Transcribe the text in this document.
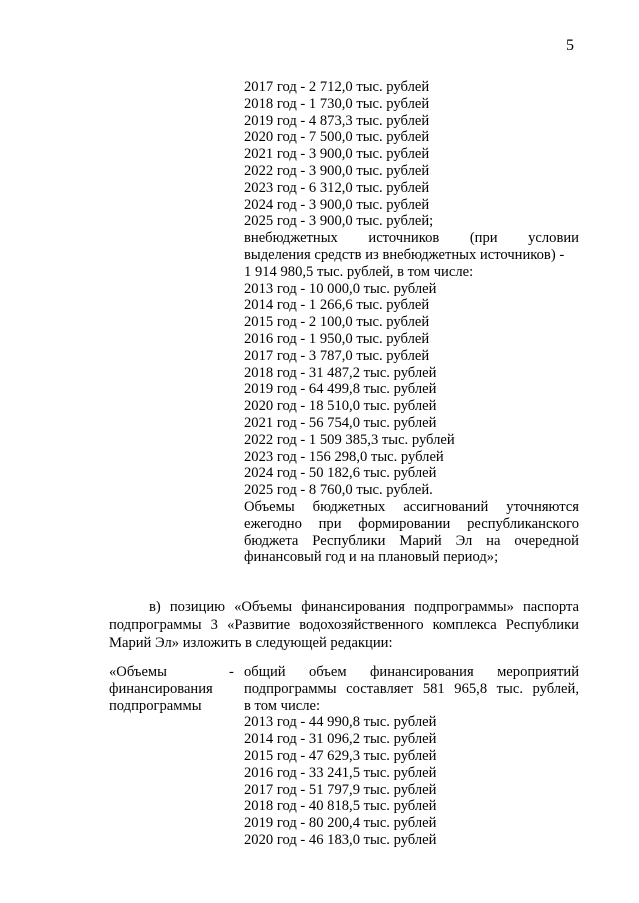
5
2017 год - 2 712,0 тыс. рублей
2018 год - 1 730,0 тыс. рублей
2019 год - 4 873,3 тыс. рублей
2020 год - 7 500,0 тыс. рублей
2021 год - 3 900,0 тыс. рублей
2022 год - 3 900,0 тыс. рублей
2023 год - 6 312,0 тыс. рублей
2024 год - 3 900,0 тыс. рублей
2025 год - 3 900,0 тыс. рублей;
внебюджетных источников (при условии
выделения средств из внебюджетных источников) -
1 914 980,5 тыс. рублей, в том числе:
2013 год - 10 000,0 тыс. рублей
2014 год - 1 266,6 тыс. рублей
2015 год - 2 100,0 тыс. рублей
2016 год - 1 950,0 тыс. рублей
2017 год - 3 787,0 тыс. рублей
2018 год - 31 487,2 тыс. рублей
2019 год - 64 499,8 тыс. рублей
2020 год - 18 510,0 тыс. рублей
2021 год - 56 754,0 тыс. рублей
2022 год - 1 509 385,3 тыс. рублей
2023 год - 156 298,0 тыс. рублей
2024 год - 50 182,6 тыс. рублей
2025 год - 8 760,0 тыс. рублей.
Объемы бюджетных ассигнований уточняются
ежегодно при формировании республиканского
бюджета Республики Марий Эл на очередной
финансовый год и на плановый период»;
в) позицию «Объемы финансирования подпрограммы» паспорта
подпрограммы 3 «Развитие водохозяйственного комплекса Республики
Марий Эл» изложить в следующей редакции:
«Объемы
финансирования
подпрограммы
- общий объем финансирования мероприятий
подпрограммы составляет 581 965,8 тыс. рублей,
в том числе:
2013 год - 44 990,8 тыс. рублей
2014 год - 31 096,2 тыс. рублей
2015 год - 47 629,3 тыс. рублей
2016 год - 33 241,5 тыс. рублей
2017 год - 51 797,9 тыс. рублей
2018 год - 40 818,5 тыс. рублей
2019 год - 80 200,4 тыс. рублей
2020 год - 46 183,0 тыс. рублей
